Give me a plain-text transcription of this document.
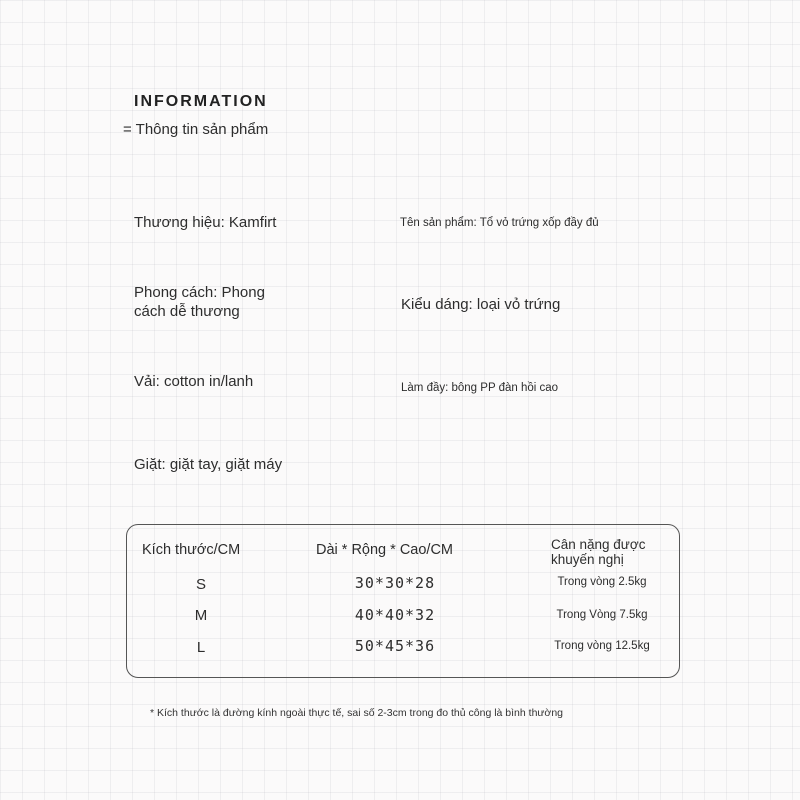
INFORMATION
= Thông tin sản phẩm
Thương hiệu: Kamfirt	Tên sản phẩm: Tổ vỏ trứng xốp đầy đủ
Phong cách: Phong
cách dễ thương	Kiểu dáng: loại vỏ trứng
Vải: cotton in/lanh	Làm đầy: bông PP đàn hồi cao
Giặt: giặt tay, giặt máy
Kích thước/CM	Dài * Rộng * Cao/CM	Cân nặng được
khuyến nghị
S	30*30*28	Trong vòng 2.5kg
M	40*40*32	Trong Vòng 7.5kg
L	50*45*36	Trong vòng 12.5kg
* Kích thước là đường kính ngoài thực tế, sai số 2-3cm trong đo thủ công là bình thường
